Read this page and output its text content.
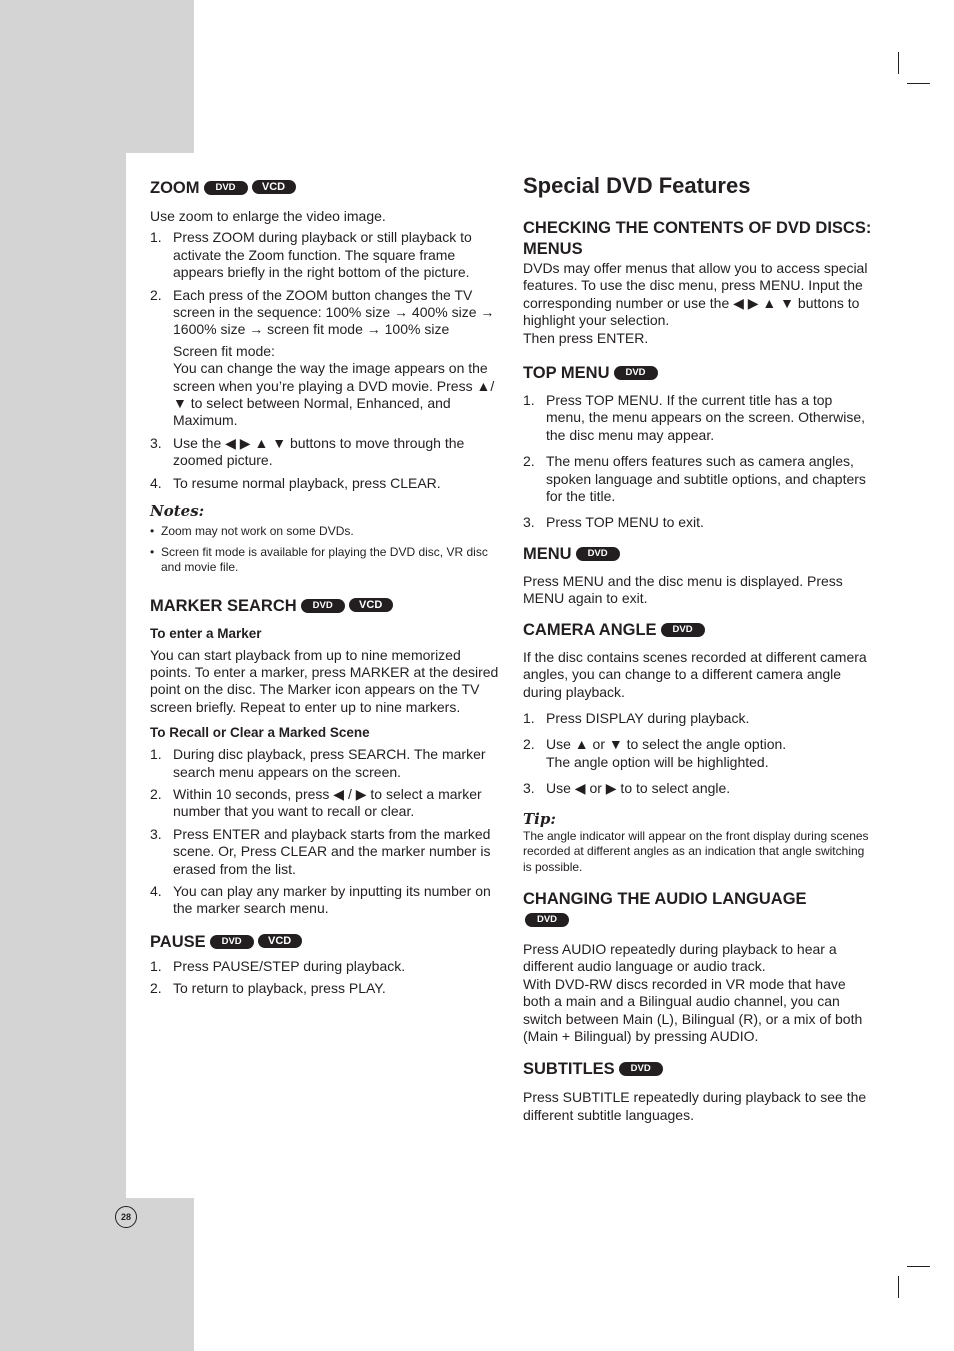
ZOOM DVD VCD

Use zoom to enlarge the video image.

1. Press ZOOM during playback or still playback to activate the Zoom function. The square frame appears briefly in the right bottom of the picture.
2. Each press of the ZOOM button changes the TV screen in the sequence: 100% size → 400% size → 1600% size → screen fit mode → 100% size
Screen fit mode:
You can change the way the image appears on the screen when you’re playing a DVD movie. Press ▲/▼ to select between Normal, Enhanced, and Maximum.
3. Use the ◀ ▶ ▲ ▼ buttons to move through the zoomed picture.
4. To resume normal playback, press CLEAR.
Notes:
• Zoom may not work on some DVDs.
• Screen fit mode is available for playing the DVD disc, VR disc and movie file.
MARKER SEARCH DVD VCD
To enter a Marker

You can start playback from up to nine memorized points. To enter a marker, press MARKER at the desired point on the disc. The Marker icon appears on the TV screen briefly. Repeat to enter up to nine markers.

To Recall or Clear a Marked Scene
1. During disc playback, press SEARCH. The marker search menu appears on the screen.
2. Within 10 seconds, press ◀ / ▶ to select a marker number that you want to recall or clear.
3. Press ENTER and playback starts from the marked scene. Or, Press CLEAR and the marker number is erased from the list.
4. You can play any marker by inputting its number on the marker search menu.
PAUSE DVD VCD
1. Press PAUSE/STEP during playback.
2. To return to playback, press PLAY.
Special DVD Features
CHECKING THE CONTENTS OF DVD DISCS: MENUS

DVDs may offer menus that allow you to access special features. To use the disc menu, press MENU. Input the corresponding number or use the ◀ ▶ ▲ ▼ buttons to highlight your selection.

Then press ENTER.

TOP MENU DVD
1. Press TOP MENU. If the current title has a top menu, the menu appears on the screen. Otherwise, the disc menu may appear.
2. The menu offers features such as camera angles, spoken language and subtitle options, and chapters for the title.
3. Press TOP MENU to exit.
MENU DVD

Press MENU and the disc menu is displayed. Press MENU again to exit.

CAMERA ANGLE DVD

If the disc contains scenes recorded at different camera angles, you can change to a different camera angle during playback.

1. Press DISPLAY during playback.
2. Use ▲ or ▼ to select the angle option.
The angle option will be highlighted.
3. Use ◀ or ▶ to to select angle.
Tip:

The angle indicator will appear on the front display during scenes recorded at different angles as an indication that angle switching is possible.

CHANGING THE AUDIO LANGUAGE
DVD

Press AUDIO repeatedly during playback to hear a different audio language or audio track.

With DVD-RW discs recorded in VR mode that have both a main and a Bilingual audio channel, you can switch between Main (L), Bilingual (R), or a mix of both (Main + Bilingual) by pressing AUDIO.

SUBTITLES DVD

Press SUBTITLE repeatedly during playback to see the different subtitle languages.

28
